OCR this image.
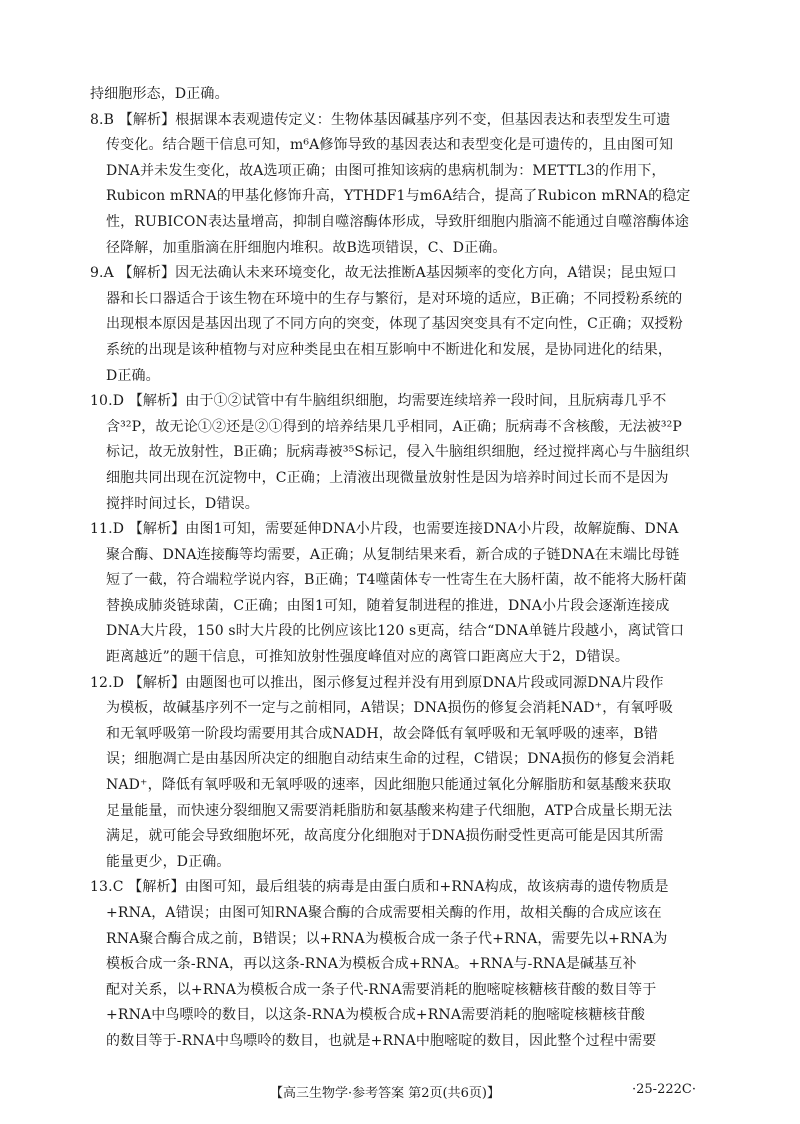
持细胞形态，D正确。
8.B 【解析】根据课本表观遗传定义：生物体基因碱基序列不变，但基因表达和表型发生可遗
传变化。结合题干信息可知，m⁶A修饰导致的基因表达和表型变化是可遗传的，且由图可知
DNA并未发生变化，故A选项正确；由图可推知该病的患病机制为：METTL3的作用下，
Rubicon mRNA的甲基化修饰升高，YTHDF1与m6A结合，提高了Rubicon mRNA的稳定
性，RUBICON表达量增高，抑制自噬溶酶体形成，导致肝细胞内脂滴不能通过自噬溶酶体途
径降解，加重脂滴在肝细胞内堆积。故B选项错误，C、D正确。
9.A 【解析】因无法确认未来环境变化，故无法推断A基因频率的变化方向，A错误；昆虫短口
器和长口器适合于该生物在环境中的生存与繁衍，是对环境的适应，B正确；不同授粉系统的
出现根本原因是基因出现了不同方向的突变，体现了基因突变具有不定向性，C正确；双授粉
系统的出现是该种植物与对应种类昆虫在相互影响中不断进化和发展，是协同进化的结果，
D正确。
10.D 【解析】由于①②试管中有牛脑组织细胞，均需要连续培养一段时间，且朊病毒几乎不
含³²P，故无论①②还是②①得到的培养结果几乎相同，A正确；朊病毒不含核酸，无法被³²P
标记，故无放射性，B正确；朊病毒被³⁵S标记，侵入牛脑组织细胞，经过搅拌离心与牛脑组织
细胞共同出现在沉淀物中，C正确；上清液出现微量放射性是因为培养时间过长而不是因为
搅拌时间过长，D错误。
11.D 【解析】由图1可知，需要延伸DNA小片段，也需要连接DNA小片段，故解旋酶、DNA
聚合酶、DNA连接酶等均需要，A正确；从复制结果来看，新合成的子链DNA在末端比母链
短了一截，符合端粒学说内容，B正确；T4噬菌体专一性寄生在大肠杆菌，故不能将大肠杆菌
替换成肺炎链球菌，C正确；由图1可知，随着复制进程的推进，DNA小片段会逐渐连接成
DNA大片段，150 s时大片段的比例应该比120 s更高，结合“DNA单链片段越小，离试管口
距离越近”的题干信息，可推知放射性强度峰值对应的离管口距离应大于2，D错误。
12.D 【解析】由题图也可以推出，图示修复过程并没有用到原DNA片段或同源DNA片段作
为模板，故碱基序列不一定与之前相同，A错误；DNA损伤的修复会消耗NAD⁺，有氧呼吸
和无氧呼吸第一阶段均需要用其合成NADH，故会降低有氧呼吸和无氧呼吸的速率，B错
误；细胞凋亡是由基因所决定的细胞自动结束生命的过程，C错误；DNA损伤的修复会消耗
NAD⁺，降低有氧呼吸和无氧呼吸的速率，因此细胞只能通过氧化分解脂肪和氨基酸来获取
足量能量，而快速分裂细胞又需要消耗脂肪和氨基酸来构建子代细胞，ATP合成量长期无法
满足，就可能会导致细胞坏死，故高度分化细胞对于DNA损伤耐受性更高可能是因其所需
能量更少，D正确。
13.C 【解析】由图可知，最后组装的病毒是由蛋白质和+RNA构成，故该病毒的遗传物质是
+RNA，A错误；由图可知RNA聚合酶的合成需要相关酶的作用，故相关酶的合成应该在
RNA聚合酶合成之前，B错误；以+RNA为模板合成一条子代+RNA，需要先以+RNA为
模板合成一条-RNA，再以这条-RNA为模板合成+RNA。+RNA与-RNA是碱基互补
配对关系，以+RNA为模板合成一条子代-RNA需要消耗的胞嘧啶核糖核苷酸的数目等于
+RNA中鸟嘌呤的数目，以这条-RNA为模板合成+RNA需要消耗的胞嘧啶核糖核苷酸
的数目等于-RNA中鸟嘌呤的数目，也就是+RNA中胞嘧啶的数目，因此整个过程中需要
【高三生物学·参考答案 第2页(共6页)】	·25-222C·
